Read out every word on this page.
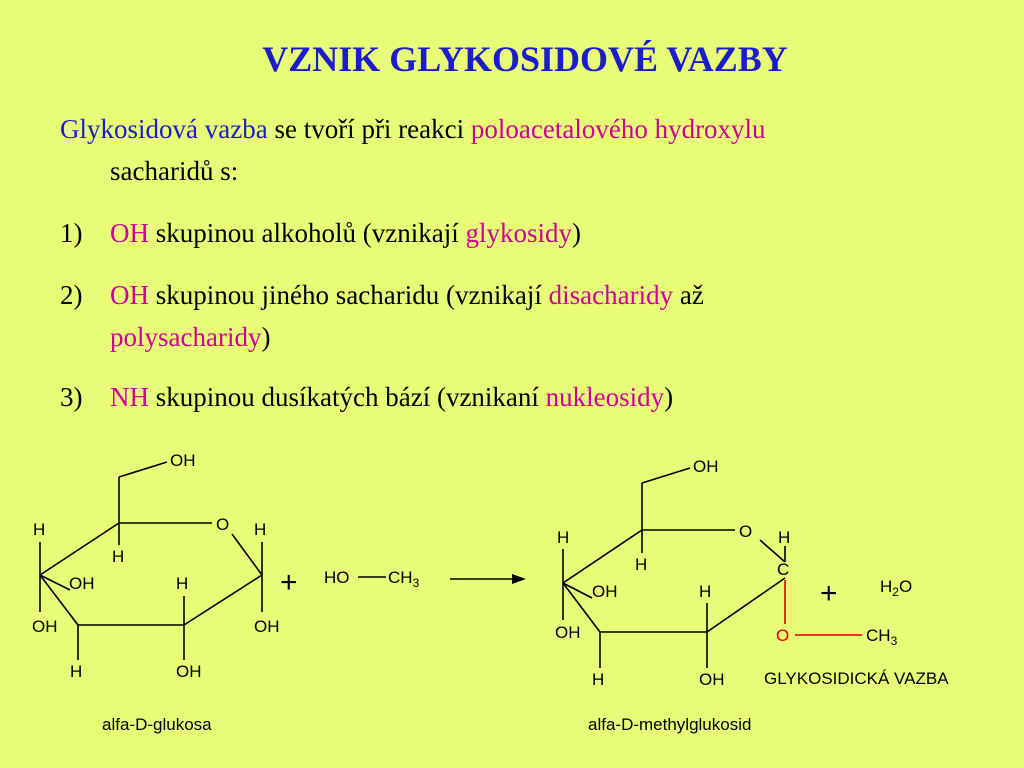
VZNIK GLYKOSIDOVÉ VAZBY
Glykosidová vazba se tvoří při reakci poloacetalového hydroxylu
sacharidů s:
1) OH skupinou alkoholů (vznikají glykosidy)
2) OH skupinou jiného sacharidu (vznikají disacharidy až
polysacharidy)
3) NH skupinou dusíkatých bází (vznikaní nukleosidy)
OH
O
H	H
H
OH	H
OH	OH
H	OH
alfa-D-glukosa
+ HO $CH_3$
OH
O
H	H
C
H
OH	H
OH	O	$CH_3$
H	OH GLYKOSIDICKÁ VAZBA
alfa-D-methylglukosid
+ $H_2O$
